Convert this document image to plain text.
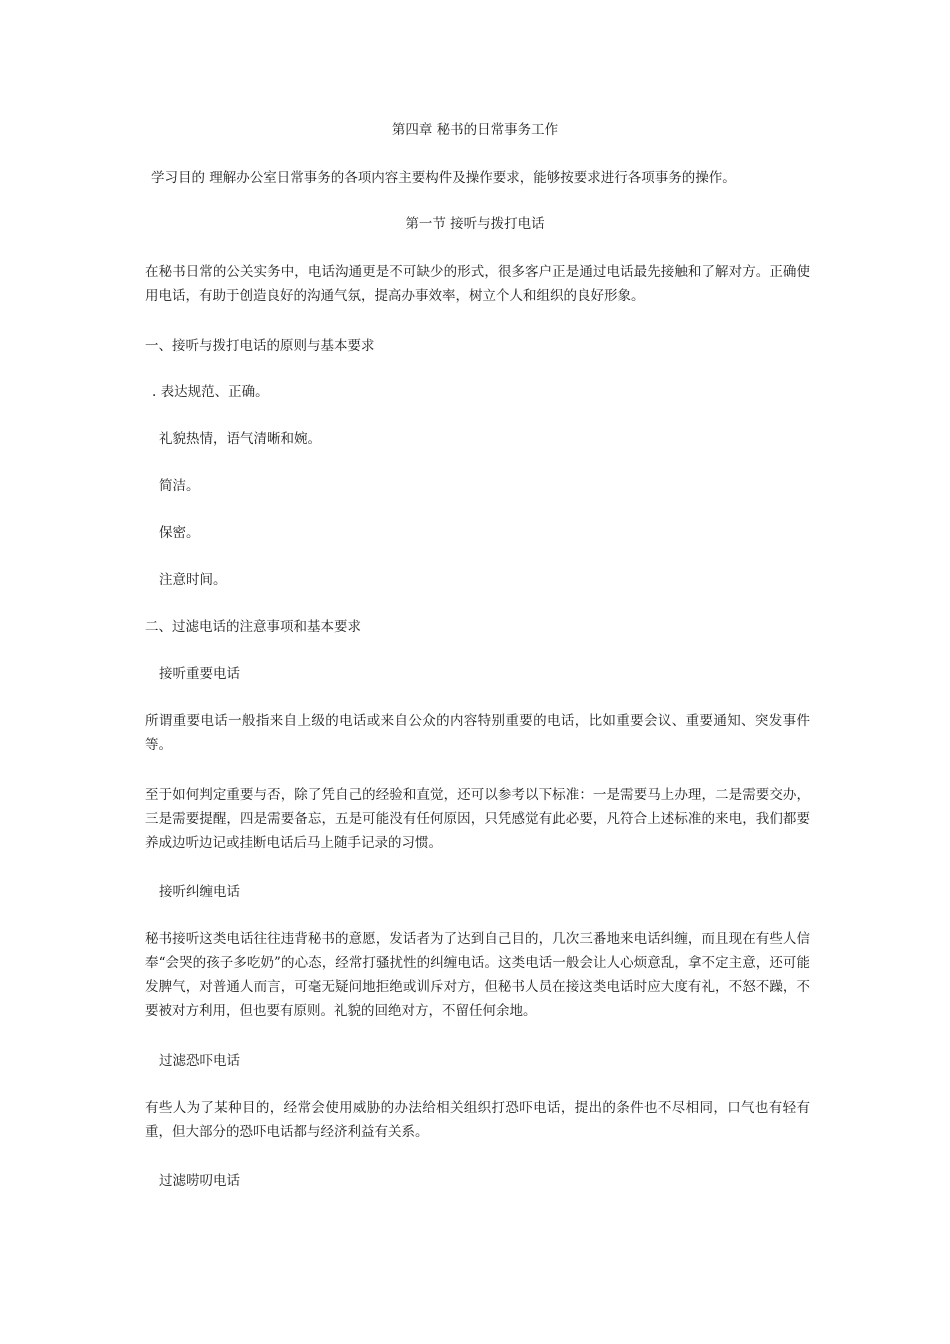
第四章 秘书的日常事务工作
学习目的 理解办公室日常事务的各项内容主要构件及操作要求，能够按要求进行各项事务的操作。
第一节 接听与拨打电话
在秘书日常的公关实务中，电话沟通更是不可缺少的形式，很多客户正是通过电话最先接触和了解对方。正确使用电话，有助于创造良好的沟通气氛，提高办事效率，树立个人和组织的良好形象。
一、接听与拨打电话的原则与基本要求
. 表达规范、正确。
礼貌热情，语气清晰和婉。
简洁。
保密。
注意时间。
二、过滤电话的注意事项和基本要求
接听重要电话
所谓重要电话一般指来自上级的电话或来自公众的内容特别重要的电话，比如重要会议、重要通知、突发事件等。
至于如何判定重要与否，除了凭自己的经验和直觉，还可以参考以下标准：一是需要马上办理，二是需要交办，三是需要提醒，四是需要备忘，五是可能没有任何原因，只凭感觉有此必要，凡符合上述标准的来电，我们都要养成边听边记或挂断电话后马上随手记录的习惯。
接听纠缠电话
秘书接听这类电话往往违背秘书的意愿，发话者为了达到自己目的，几次三番地来电话纠缠，而且现在有些人信奉“会哭的孩子多吃奶”的心态，经常打骚扰性的纠缠电话。这类电话一般会让人心烦意乱，拿不定主意，还可能发脾气，对普通人而言，可毫无疑问地拒绝或训斥对方，但秘书人员在接这类电话时应大度有礼，不怒不躁，不要被对方利用，但也要有原则。礼貌的回绝对方，不留任何余地。
过滤恐吓电话
有些人为了某种目的，经常会使用威胁的办法给相关组织打恐吓电话，提出的条件也不尽相同，口气也有轻有重，但大部分的恐吓电话都与经济利益有关系。
过滤唠叨电话
